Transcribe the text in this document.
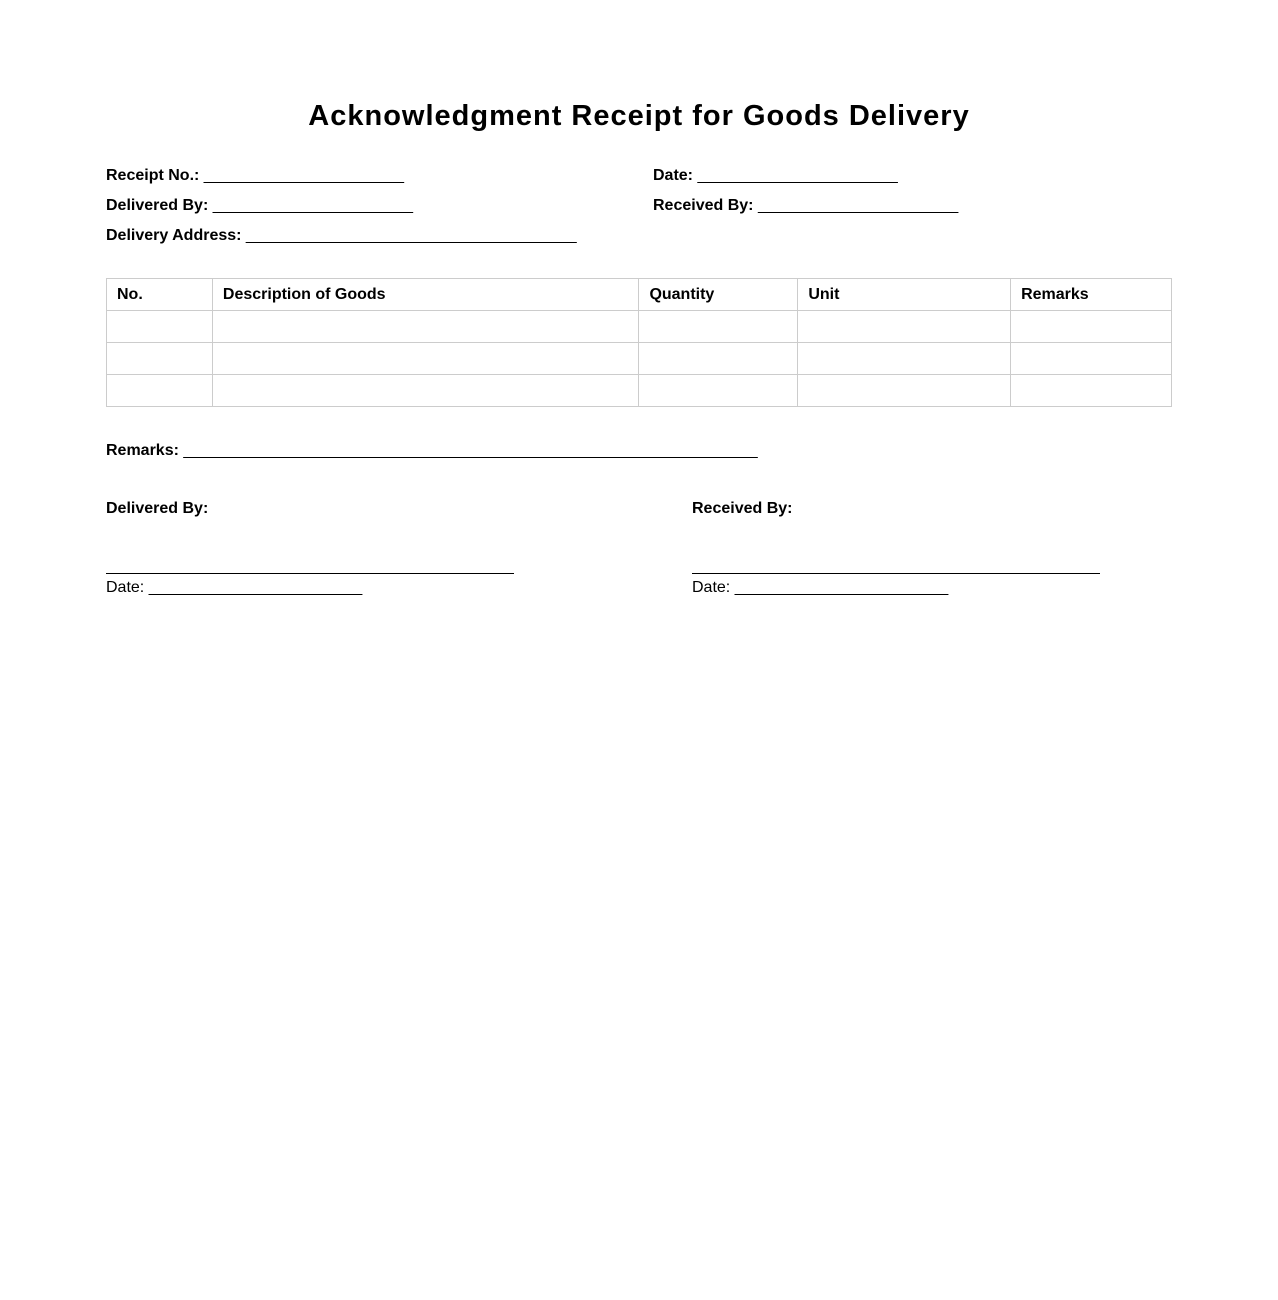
Acknowledgment Receipt for Goods Delivery
Receipt No.: _______________________
Delivered By: _______________________
Delivery Address: ______________________________________
Date: _______________________
Received By: _______________________
No.	Description of Goods	Quantity	Unit	Remarks

Remarks: __________________________________________________________________
Delivered By:
Date: ________________________
Received By:
Date: ________________________
